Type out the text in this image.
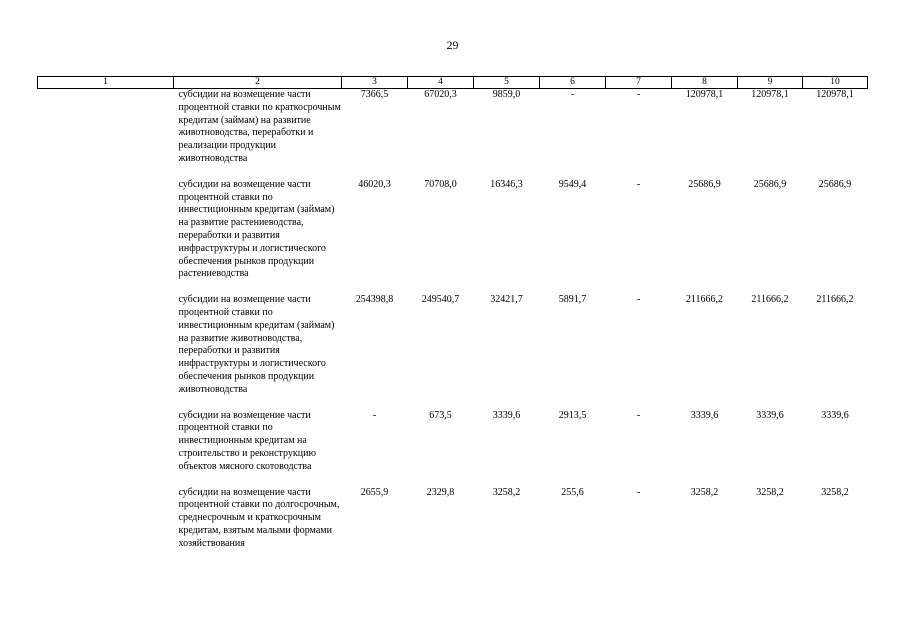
29
1	2	3	4	5	6	7	8	9	10
	субсидии на возмещение части процентной ставки по краткосрочным кредитам (займам) на развитие животноводства, переработки и реализации продукции животноводства	7366,5	67020,3	9859,0	-	-	120978,1	120978,1	120978,1
	субсидии на возмещение части процентной ставки по инвестиционным кредитам (займам) на развитие растениеводства, переработки и развития инфраструктуры и логистического обеспечения рынков продукции растениеводства	46020,3	70708,0	16346,3	9549,4	-	25686,9	25686,9	25686,9
	субсидии на возмещение части процентной ставки по инвестиционным кредитам (займам) на развитие животноводства, переработки и развития инфраструктуры и логистического обеспечения рынков продукции животноводства	254398,8	249540,7	32421,7	5891,7	-	211666,2	211666,2	211666,2
	субсидии на возмещение части процентной ставки по инвестиционным кредитам на строительство и реконструкцию объектов мясного скотоводства	-	673,5	3339,6	2913,5	-	3339,6	3339,6	3339,6
	субсидии на возмещение части процентной ставки по долгосрочным, среднесрочным и краткосрочным кредитам, взятым малыми формами хозяйствования	2655,9	2329,8	3258,2	255,6	-	3258,2	3258,2	3258,2
